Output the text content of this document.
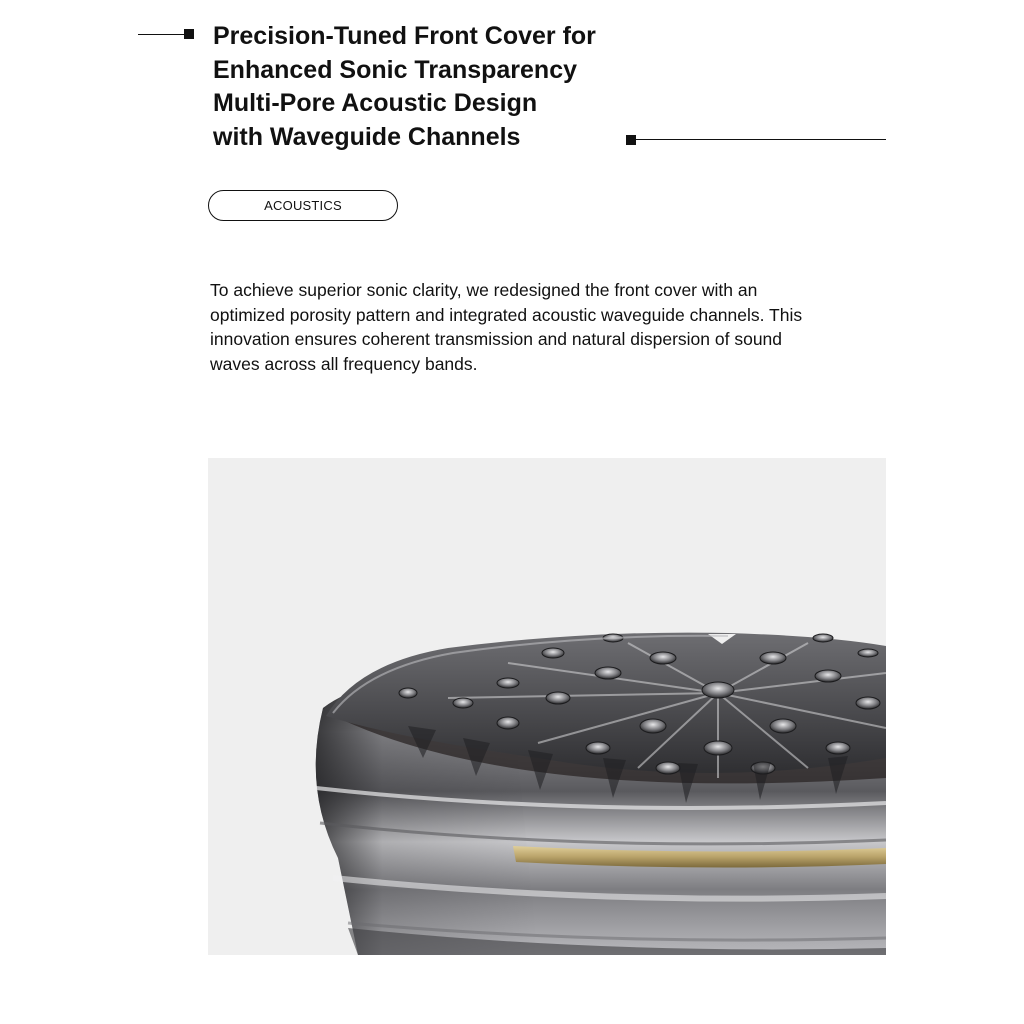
Precision-Tuned Front Cover for
Enhanced Sonic Transparency
Multi-Pore Acoustic Design
with Waveguide Channels
ACOUSTICS

To achieve superior sonic clarity, we redesigned the front cover with an optimized porosity pattern and integrated acoustic waveguide channels. This innovation ensures coherent transmission and natural dispersion of sound waves across all frequency bands.
